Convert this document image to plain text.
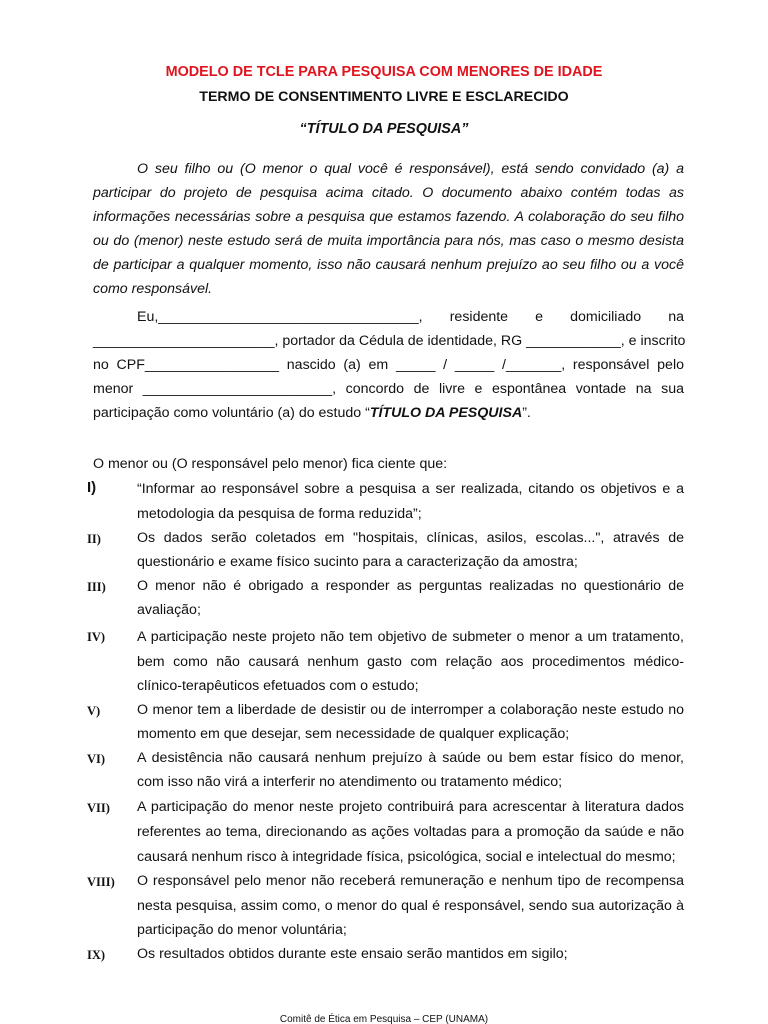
MODELO DE TCLE PARA PESQUISA COM MENORES DE IDADE
TERMO DE CONSENTIMENTO LIVRE E ESCLARECIDO
“TÍTULO DA PESQUISA”
O seu filho ou (O menor o qual você é responsável), está sendo convidado (a) a
participar do projeto de pesquisa acima citado. O documento abaixo contém todas as
informações necessárias sobre a pesquisa que estamos fazendo. A colaboração do seu filho
ou do (menor) neste estudo será de muita importância para nós, mas caso o mesmo desista
de participar a qualquer momento, isso não causará nenhum prejuízo ao seu filho ou a você
como responsável.
Eu,_________________________________, residente e domiciliado na
_______________________, portador da Cédula de identidade, RG ____________, e inscrito
no CPF_________________ nascido (a) em _____ / _____ /_______, responsável pelo
menor ________________________, concordo de livre e espontânea vontade na sua
participação como voluntário (a) do estudo “TÍTULO DA PESQUISA”.
O menor ou (O responsável pelo menor) fica ciente que:
I)	“Informar ao responsável sobre a pesquisa a ser realizada, citando os objetivos e a
metodologia da pesquisa de forma reduzida”;
II)	Os dados serão coletados em "hospitais, clínicas, asilos, escolas...", através de
questionário e exame físico sucinto para a caracterização da amostra;
III)	O menor não é obrigado a responder as perguntas realizadas no questionário de
avaliação;
IV)	A participação neste projeto não tem objetivo de submeter o menor a um tratamento,
bem como não causará nenhum gasto com relação aos procedimentos médico-
clínico-terapêuticos efetuados com o estudo;
V)	O menor tem a liberdade de desistir ou de interromper a colaboração neste estudo no
momento em que desejar, sem necessidade de qualquer explicação;
VI)	A desistência não causará nenhum prejuízo à saúde ou bem estar físico do menor,
com isso não virá a interferir no atendimento ou tratamento médico;
VII)	A participação do menor neste projeto contribuirá para acrescentar à literatura dados
referentes ao tema, direcionando as ações voltadas para a promoção da saúde e não
causará nenhum risco à integridade física, psicológica, social e intelectual do mesmo;
VIII)	O responsável pelo menor não receberá remuneração e nenhum tipo de recompensa
nesta pesquisa, assim como, o menor do qual é responsável, sendo sua autorização à
participação do menor voluntária;
IX)	Os resultados obtidos durante este ensaio serão mantidos em sigilo;
Comitê de Ética em Pesquisa – CEP (UNAMA)
